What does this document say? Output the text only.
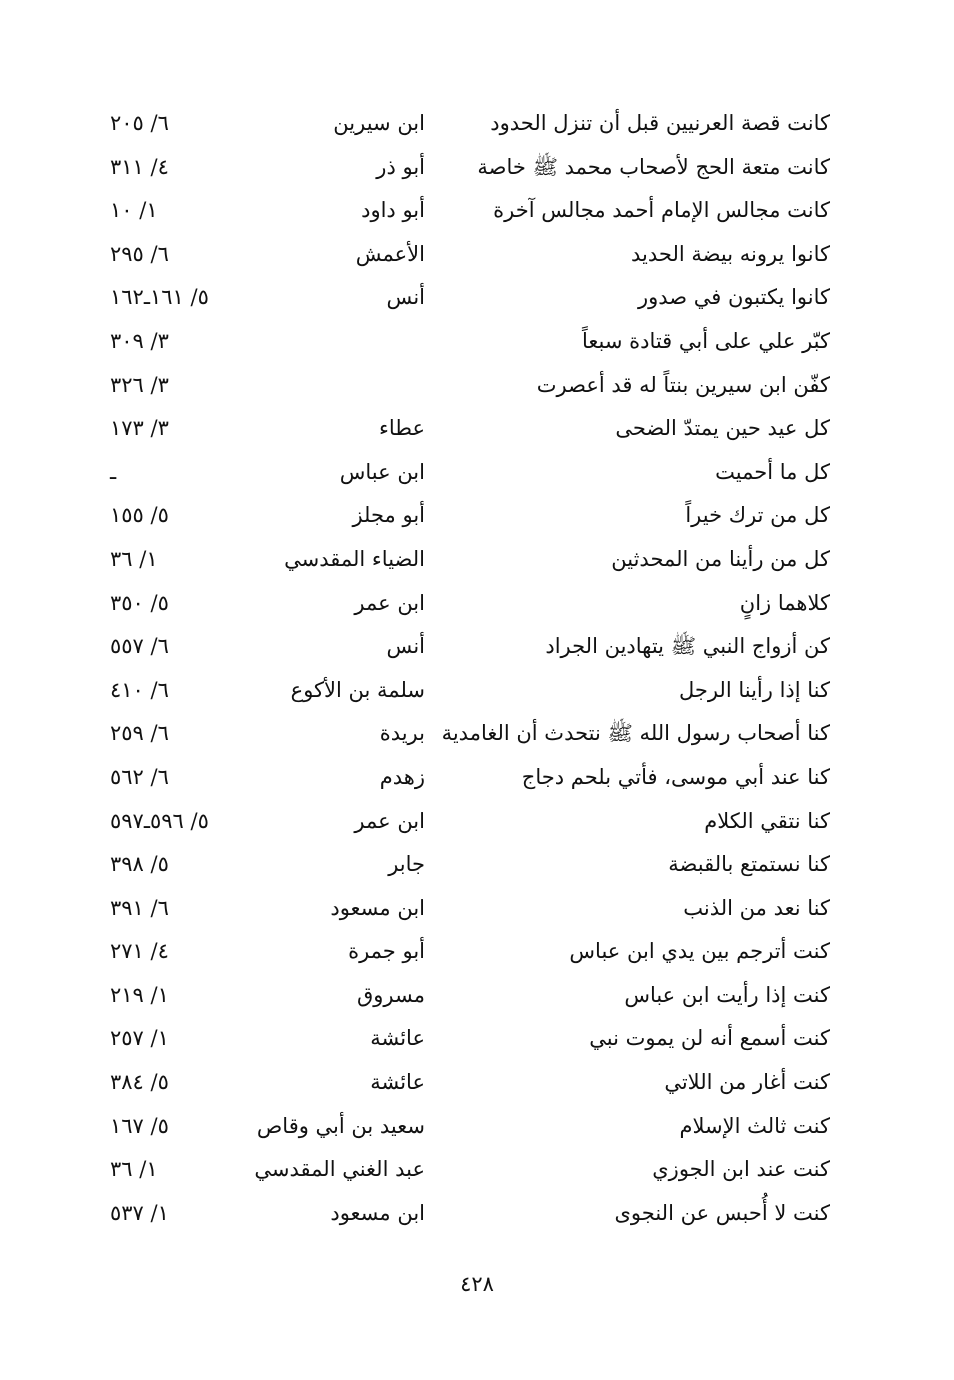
كانت قصة العرنيين قبل أن تنزل الحدود
ابن سيرين
٦/ ٢٠٥
كانت متعة الحج لأصحاب محمد ﷺ خاصة
أبو ذر
٤/ ٣١١
كانت مجالس الإمام أحمد مجالس آخرة
أبو داود
١/ ١٠
كانوا يرونه بيضة الحديد
الأعمش
٦/ ٢٩٥
كانوا يكتبون في صدور
أنس
٥/ ١٦١ـ١٦٢
كبّر علي على أبي قتادة سبعاً
٣/ ٣٠٩
كفّن ابن سيرين بنتاً له قد أعصرت
٣/ ٣٢٦
كل عيد حين يمتدّ الضحى
عطاء
٣/ ١٧٣
كل ما أحميت
ابن عباس
ـ
كل من ترك خيراً
أبو مجلز
٥/ ١٥٥
كل من رأينا من المحدثين
الضياء المقدسي
١/ ٣٦
كلاهما زانٍ
ابن عمر
٥/ ٣٥٠
كن أزواج النبي ﷺ يتهادين الجراد
أنس
٦/ ٥٥٧
كنا إذا رأينا الرجل
سلمة بن الأكوع
٦/ ٤١٠
كنا أصحاب رسول الله ﷺ نتحدث أن الغامدية
بريدة
٦/ ٢٥٩
كنا عند أبي موسى، فأتي بلحم دجاج
زهدم
٦/ ٥٦٢
كنا نتقي الكلام
ابن عمر
٥/ ٥٩٦ـ٥٩٧
كنا نستمتع بالقبضة
جابر
٥/ ٣٩٨
كنا نعد من الذنب
ابن مسعود
٦/ ٣٩١
كنت أترجم بين يدي ابن عباس
أبو جمرة
٤/ ٢٧١
كنت إذا رأيت ابن عباس
مسروق
١/ ٢١٩
كنت أسمع أنه لن يموت نبي
عائشة
١/ ٢٥٧
كنت أغار من اللاتي
عائشة
٥/ ٣٨٤
كنت ثالث الإسلام
سعيد بن أبي وقاص
٥/ ١٦٧
كنت عند ابن الجوزي
عبد الغني المقدسي
١/ ٣٦
كنت لا أُحبس عن النجوى
ابن مسعود
١/ ٥٣٧
٤٢٨
